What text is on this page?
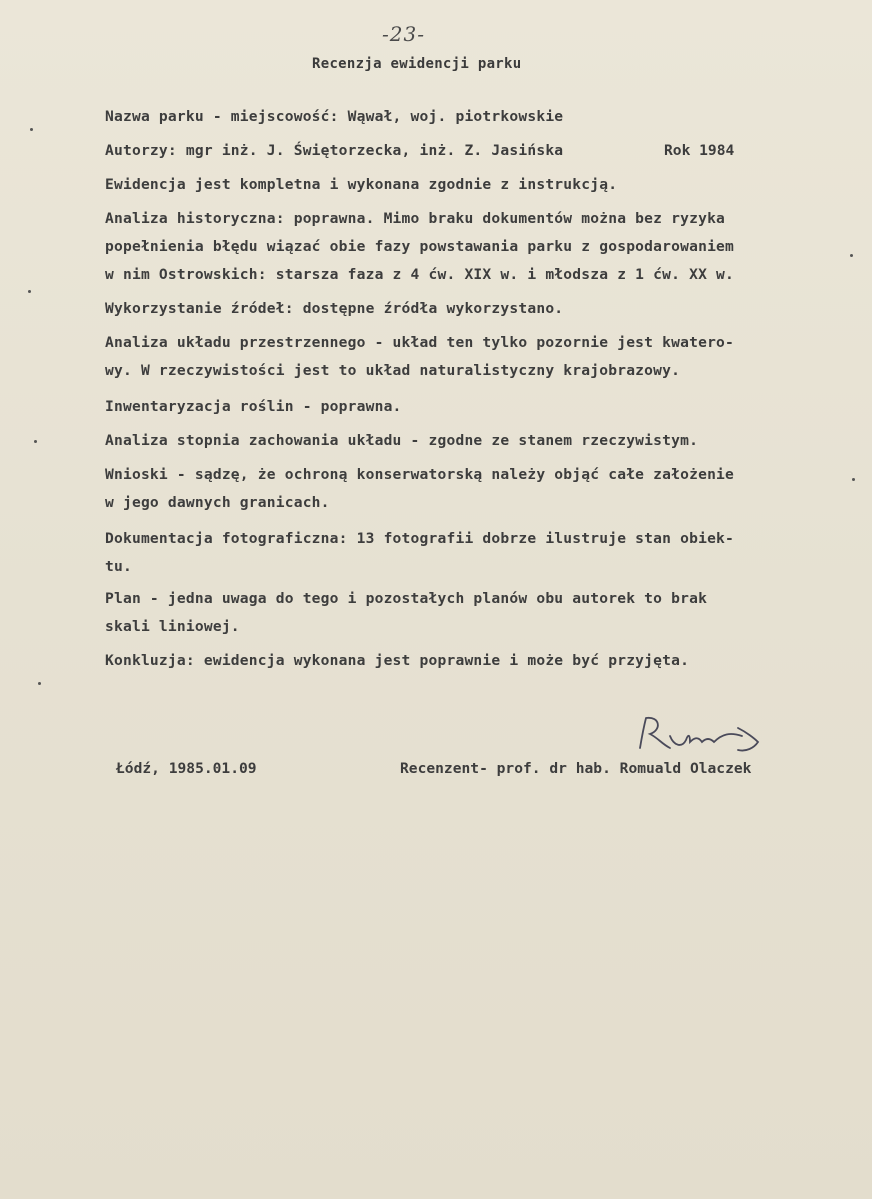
-23-
Recenzja ewidencji parku
Nazwa parku - miejscowość: Wąwał, woj. piotrkowskie
Autorzy: mgr inż. J. Świętorzecka, inż. Z. Jasińska	Rok 1984
Ewidencja jest kompletna i wykonana zgodnie z instrukcją.
Analiza historyczna: poprawna. Mimo braku dokumentów można bez ryzyka
popełnienia błędu wiązać obie fazy powstawania parku z gospodarowaniem
w nim Ostrowskich: starsza faza z 4 ćw. XIX w. i młodsza z 1 ćw. XX w.
Wykorzystanie źródeł: dostępne źródła wykorzystano.
Analiza układu przestrzennego - układ ten tylko pozornie jest kwatero-
wy. W rzeczywistości jest to układ naturalistyczny krajobrazowy.
Inwentaryzacja roślin - poprawna.
Analiza stopnia zachowania układu - zgodne ze stanem rzeczywistym.
Wnioski - sądzę, że ochroną konserwatorską należy objąć całe założenie
w jego dawnych granicach.
Dokumentacja fotograficzna: 13 fotografii dobrze ilustruje stan obiek-
tu.
Plan - jedna uwaga do tego i pozostałych planów obu autorek to brak
skali liniowej.
Konkluzja: ewidencja wykonana jest poprawnie i może być przyjęta.
Łódź, 1985.01.09	Recenzent- prof. dr hab. Romuald Olaczek
